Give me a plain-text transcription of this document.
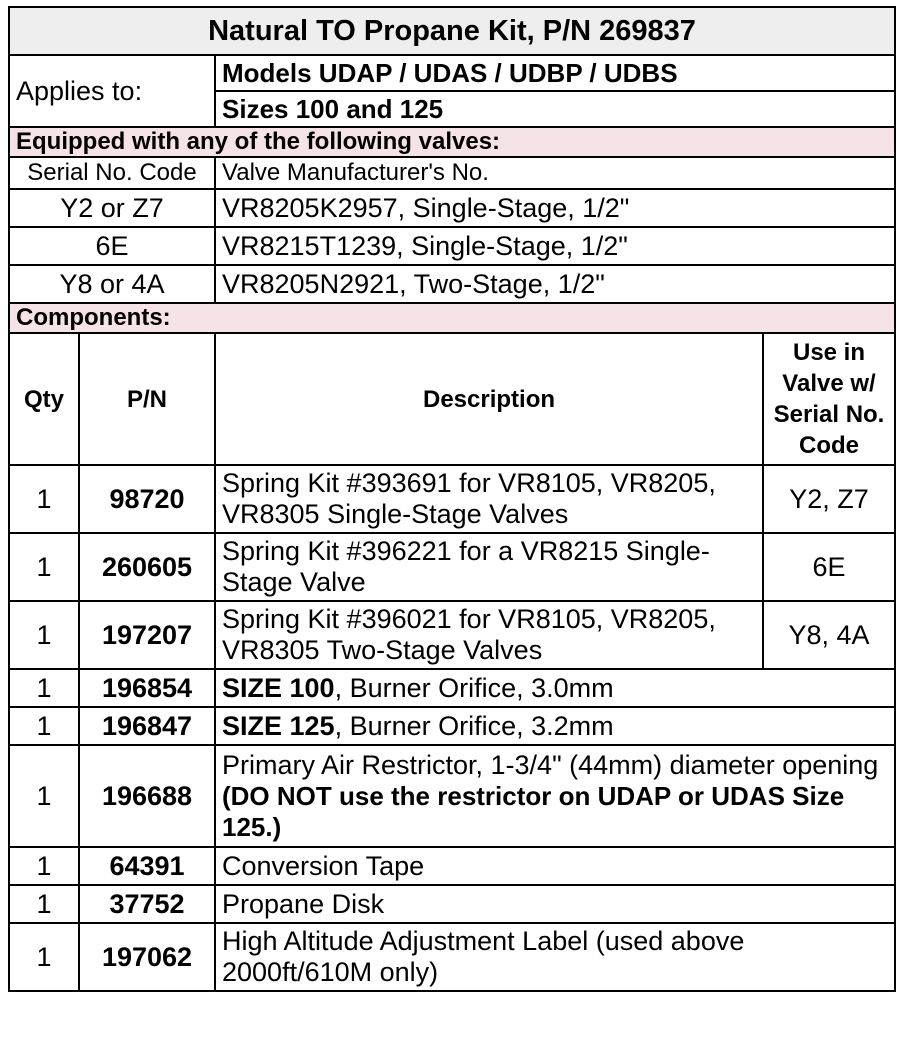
Natural TO Propane Kit, P/N 269837			
Applies to:		Models UDAP / UDAS / UDBP / UDBS	
		Sizes 100 and 125	
Equipped with any of the following valves:			
Serial No. Code		Valve Manufacturer's No.	
Y2 or Z7		VR8205K2957, Single-Stage, 1/2"	
6E		VR8215T1239, Single-Stage, 1/2"	
Y8 or 4A		VR8205N2921, Two-Stage, 1/2"	
Components:			
Qty	P/N	Description	Use in Valve w/ Serial No. Code
1	98720	Spring Kit #393691 for VR8105, VR8205, VR8305 Single-Stage Valves	Y2, Z7
1	260605	Spring Kit #396221 for a VR8215 Single-Stage Valve	6E
1	197207	Spring Kit #396021 for VR8105, VR8205, VR8305 Two-Stage Valves	Y8, 4A
1	196854	SIZE 100, Burner Orifice, 3.0mm	
1	196847	SIZE 125, Burner Orifice, 3.2mm	
1	196688	Primary Air Restrictor, 1-3/4" (44mm) diameter opening (DO NOT use the restrictor on UDAP or UDAS Size 125.)	
1	64391	Conversion Tape	
1	37752	Propane Disk	
1	197062	High Altitude Adjustment Label (used above 2000ft/610M only)	
